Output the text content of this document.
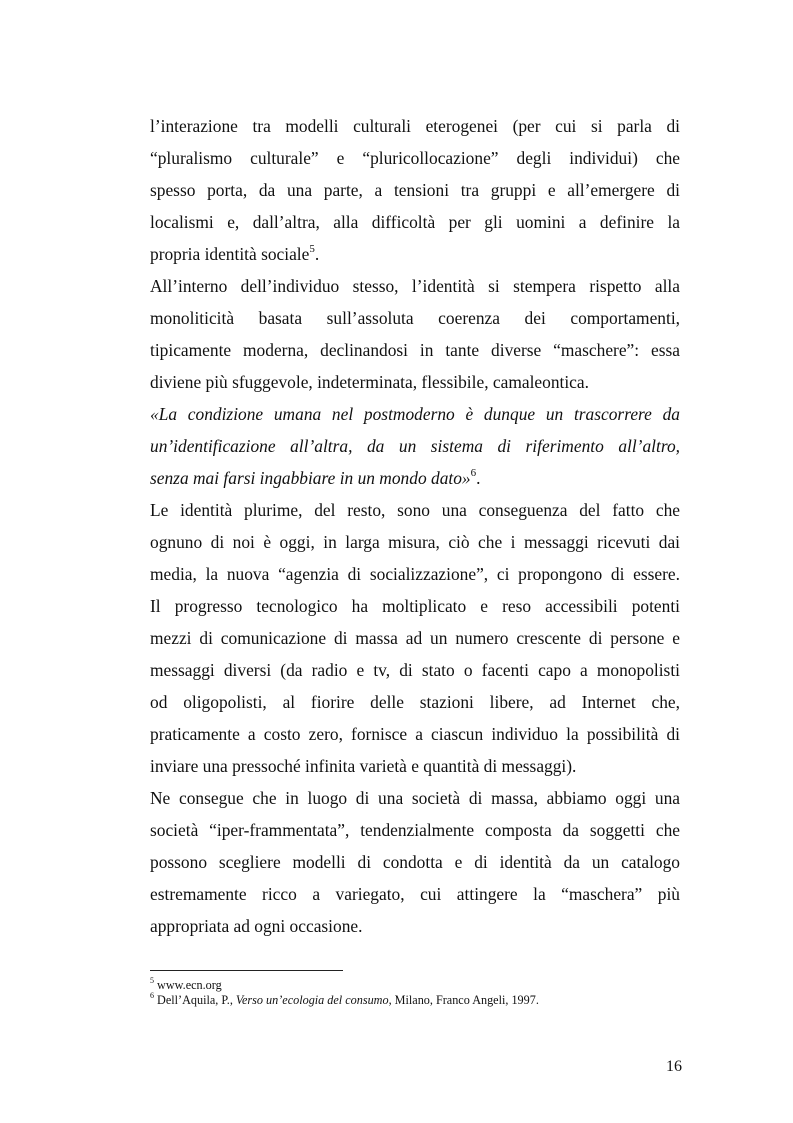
l’interazione tra modelli culturali eterogenei (per cui si parla di
“pluralismo culturale” e “pluricollocazione” degli individui) che
spesso porta, da una parte, a tensioni tra gruppi e all’emergere di
localismi e, dall’altra, alla difficoltà per gli uomini a definire la
propria identità sociale$^5$.
All’interno dell’individuo stesso, l’identità si stempera rispetto alla
monoliticità basata sull’assoluta coerenza dei comportamenti,
tipicamente moderna, declinandosi in tante diverse “maschere”: essa
diviene più sfuggevole, indeterminata, flessibile, camaleontica.
«La condizione umana nel postmoderno è dunque un trascorrere da
un’identificazione all’altra, da un sistema di riferimento all’altro,
senza mai farsi ingabbiare in un mondo dato»$^6$.
Le identità plurime, del resto, sono una conseguenza del fatto che
ognuno di noi è oggi, in larga misura, ciò che i messaggi ricevuti dai
media, la nuova “agenzia di socializzazione”, ci propongono di essere.
Il progresso tecnologico ha moltiplicato e reso accessibili potenti
mezzi di comunicazione di massa ad un numero crescente di persone e
messaggi diversi (da radio e tv, di stato o facenti capo a monopolisti
od oligopolisti, al fiorire delle stazioni libere, ad Internet che,
praticamente a costo zero, fornisce a ciascun individuo la possibilità di
inviare una pressoché infinita varietà e quantità di messaggi).
Ne consegue che in luogo di una società di massa, abbiamo oggi una
società “iper-frammentata”, tendenzialmente composta da soggetti che
possono scegliere modelli di condotta e di identità da un catalogo
estremamente ricco a variegato, cui attingere la “maschera” più
appropriata ad ogni occasione.
$^5$ www.ecn.org
$^6$ Dell’Aquila, P., Verso un’ecologia del consumo, Milano, Franco Angeli, 1997.
16
